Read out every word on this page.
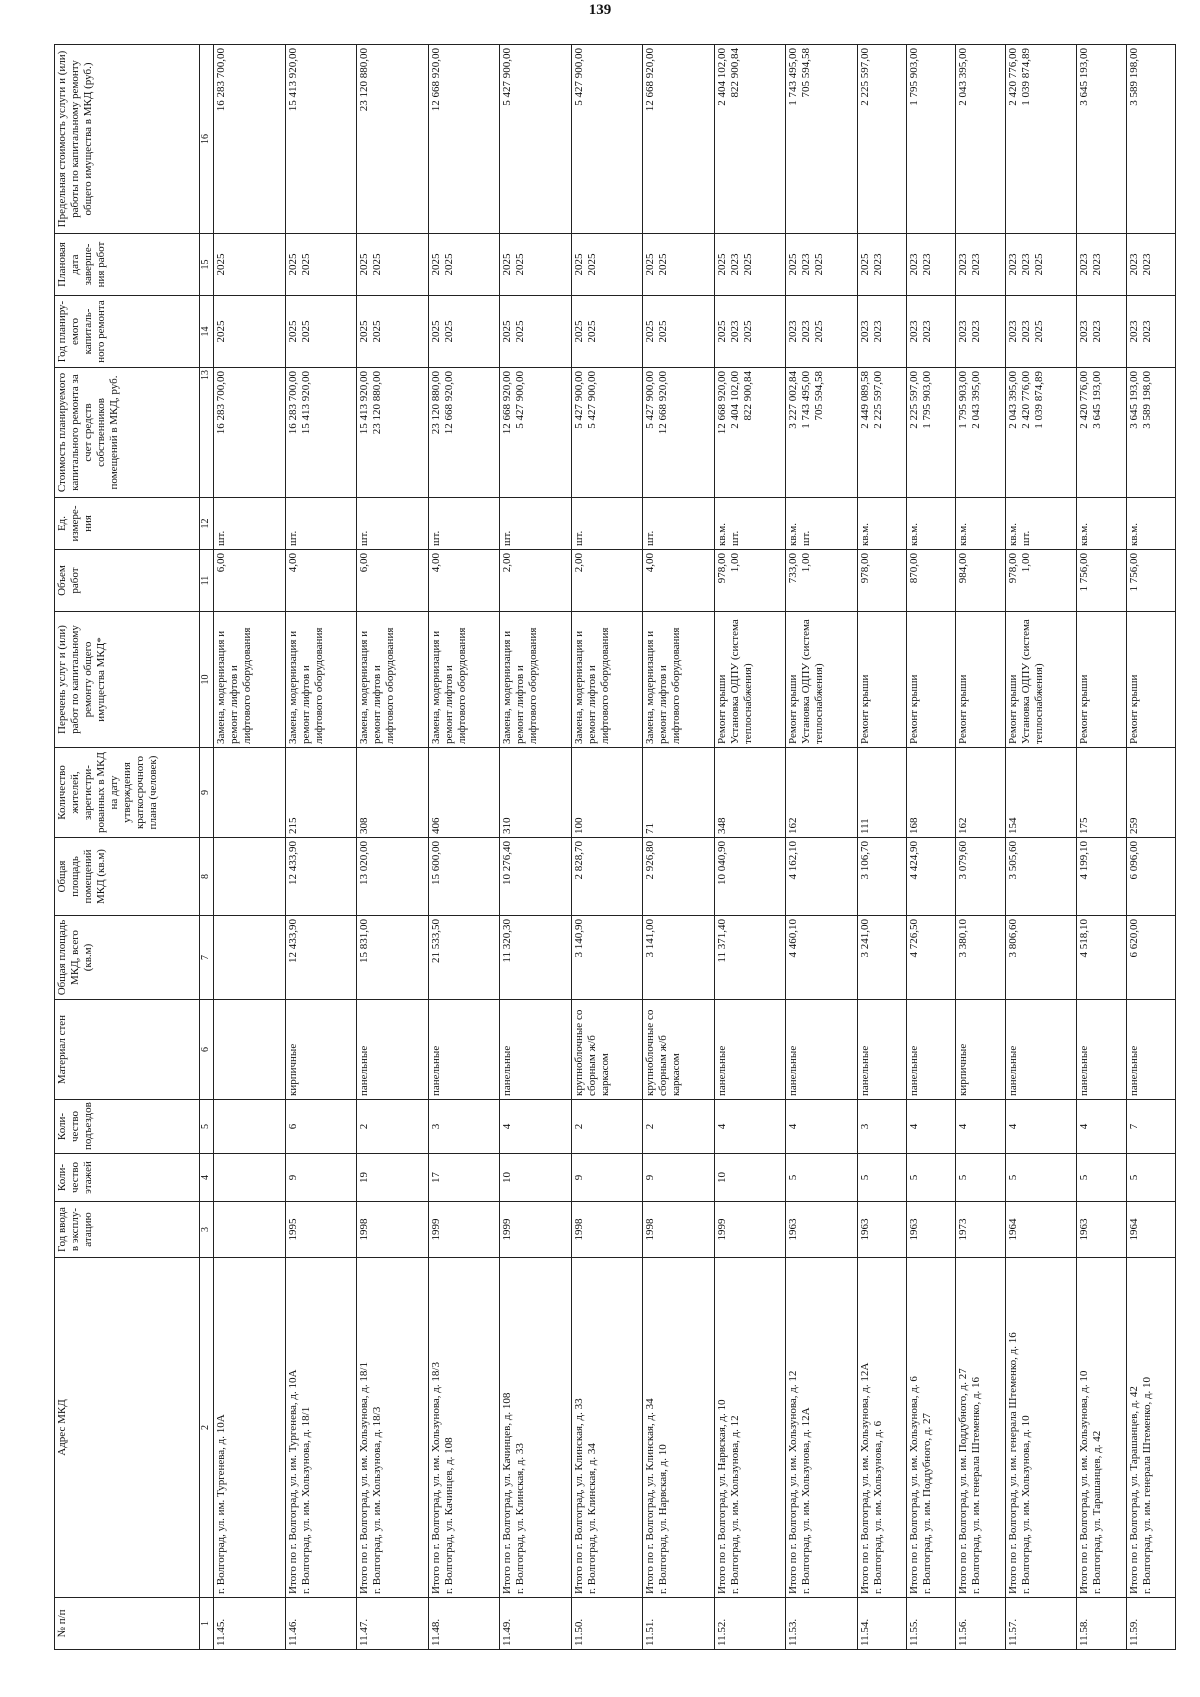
139
№ п/п	Адрес МКД	Год ввода в эксплу-атацию	Коли-чество этажей	Коли-чество подъездов	Материал стен	Общая площадь МКД, всего (кв.м)	Общая площадь помещений МКД (кв.м)	Количество жителей, зарегистри-рованных в МКД на дату утверждения краткосрочного плана (человек)	Перечень услуг и (или) работ по капитальному ремонту общего имущества МКД*	Объем работ	Ед. измере-ния	Стоимость планируемого капитального ремонта за счет средств собственников помещений в МКД, руб.	Год планиру-емого капиталь-ного ремонта	Плановая дата заверше-ния работ	Предельная стоимость услуги и (или) работы по капитальному ремонту общего имущества в МКД (руб.)
1	2	3	4	5	6	7	8	9	10	11	12	13	14	15	16
11.45.	г. Волгоград, ул. им. Тургенева, д. 10А								Замена, модернизация и ремонт лифтов и лифтового оборудования	6,00	шт.	16 283 700,00	2025	2025	16 283 700,00

11.46.	Итого по г. Волгоград, ул. им. Тургенева, д. 10А г. Волгоград, ул. им. Хользунова, д. 18/1	1995	9	6	кирпичные	12 433,90	12 433,90	215	Замена, модернизация и ремонт лифтов и лифтового оборудования	4,00	шт.	16 283 700,00 15 413 920,00	2025 2025	2025 2025	15 413 920,00

11.47.	Итого по г. Волгоград, ул. им. Хользунова, д. 18/1 г. Волгоград, ул. им. Хользунова, д. 18/3	1998	19	2	панельные	15 831,00	13 020,00	308	Замена, модернизация и ремонт лифтов и лифтового оборудования	6,00	шт.	15 413 920,00 23 120 880,00	2025 2025	2025 2025	23 120 880,00

11.48.	Итого по г. Волгоград, ул. им. Хользунова, д. 18/3 г. Волгоград, ул. Качинцев, д. 108	1999	17	3	панельные	21 533,50	15 600,00	406	Замена, модернизация и ремонт лифтов и лифтового оборудования	4,00	шт.	23 120 880,00 12 668 920,00	2025 2025	2025 2025	12 668 920,00

11.49.	Итого по г. Волгоград, ул. Качинцев, д. 108 г. Волгоград, ул. Клинская, д. 33	1999	10	4	панельные	11 320,30	10 276,40	310	Замена, модернизация и ремонт лифтов и лифтового оборудования	2,00	шт.	12 668 920,00 5 427 900,00	2025 2025	2025 2025	5 427 900,00

11.50.	Итого по г. Волгоград, ул. Клинская, д. 33 г. Волгоград, ул. Клинская, д. 34	1998	9	2	крупноблочные со сборным ж/б каркасом	3 140,90	2 828,70	100	Замена, модернизация и ремонт лифтов и лифтового оборудования	2,00	шт.	5 427 900,00 5 427 900,00	2025 2025	2025 2025	5 427 900,00

11.51.	Итого по г. Волгоград, ул. Клинская, д. 34 г. Волгоград, ул. Нарвская, д. 10	1998	9	2	крупноблочные со сборным ж/б каркасом	3 141,00	2 926,80	71	Замена, модернизация и ремонт лифтов и лифтового оборудования	4,00	шт.	5 427 900,00 12 668 920,00	2025 2025	2025 2025	12 668 920,00

11.52.	Итого по г. Волгоград, ул. Нарвская, д. 10 г. Волгоград, ул. им. Хользунова, д. 12	1999	10	4	панельные	11 371,40	10 040,90	348	Ремонт крыши Установка ОДПУ (система теплоснабжения)	978,00 1,00	кв.м. шт.	12 668 920,00 2 404 102,00 822 900,84	2025 2023 2025	2025 2023 2025	2 404 102,00 822 900,84

11.53.	Итого по г. Волгоград, ул. им. Хользунова, д. 12 г. Волгоград, ул. им. Хользунова, д. 12А	1963	5	4	панельные	4 460,10	4 162,10	162	Ремонт крыши Установка ОДПУ (система теплоснабжения)	733,00 1,00	кв.м. шт.	3 227 002,84 1 743 495,00 705 594,58	2023 2023 2025	2025 2023 2025	1 743 495,00 705 594,58

11.54.	Итого по г. Волгоград, ул. им. Хользунова, д. 12А г. Волгоград, ул. им. Хользунова, д. 6	1963	5	3	панельные	3 241,00	3 106,70	111	Ремонт крыши	978,00	кв.м.	2 449 089,58 2 225 597,00	2023 2023	2025 2023	2 225 597,00

11.55.	Итого по г. Волгоград, ул. им. Хользунова, д. 6 г. Волгоград, ул. им. Поддубного, д. 27	1963	5	4	панельные	4 726,50	4 424,90	168	Ремонт крыши	870,00	кв.м.	2 225 597,00 1 795 903,00	2023 2023	2023 2023	1 795 903,00

11.56.	Итого по г. Волгоград, ул. им. Поддубного, д. 27 г. Волгоград, ул. им. генерала Штеменко, д. 16	1973	5	4	кирпичные	3 380,10	3 079,60	162	Ремонт крыши	984,00	кв.м.	1 795 903,00 2 043 395,00	2023 2023	2023 2023	2 043 395,00

11.57.	Итого по г. Волгоград, ул. им. генерала Штеменко, д. 16 г. Волгоград, ул. им. Хользунова, д. 10	1964	5	4	панельные	3 806,60	3 505,60	154	Ремонт крыши Установка ОДПУ (система теплоснабжения)	978,00 1,00	кв.м. шт.	2 043 395,00 2 420 776,00 1 039 874,89	2023 2023 2025	2023 2023 2025	2 420 776,00 1 039 874,89

11.58.	Итого по г. Волгоград, ул. им. Хользунова, д. 10 г. Волгоград, ул. Тарашанцев, д. 42	1963	5	4	панельные	4 518,10	4 199,10	175	Ремонт крыши	1 756,00	кв.м.	2 420 776,00 3 645 193,00	2023 2023	2023 2023	3 645 193,00

11.59.	Итого по г. Волгоград, ул. Тарашанцев, д. 42 г. Волгоград, ул. им. генерала Штеменко, д. 10	1964	5	7	панельные	6 620,00	6 096,00	259	Ремонт крыши	1 756,00	кв.м.	3 645 193,00 3 589 198,00	2023 2023	2023 2023	3 589 198,00
